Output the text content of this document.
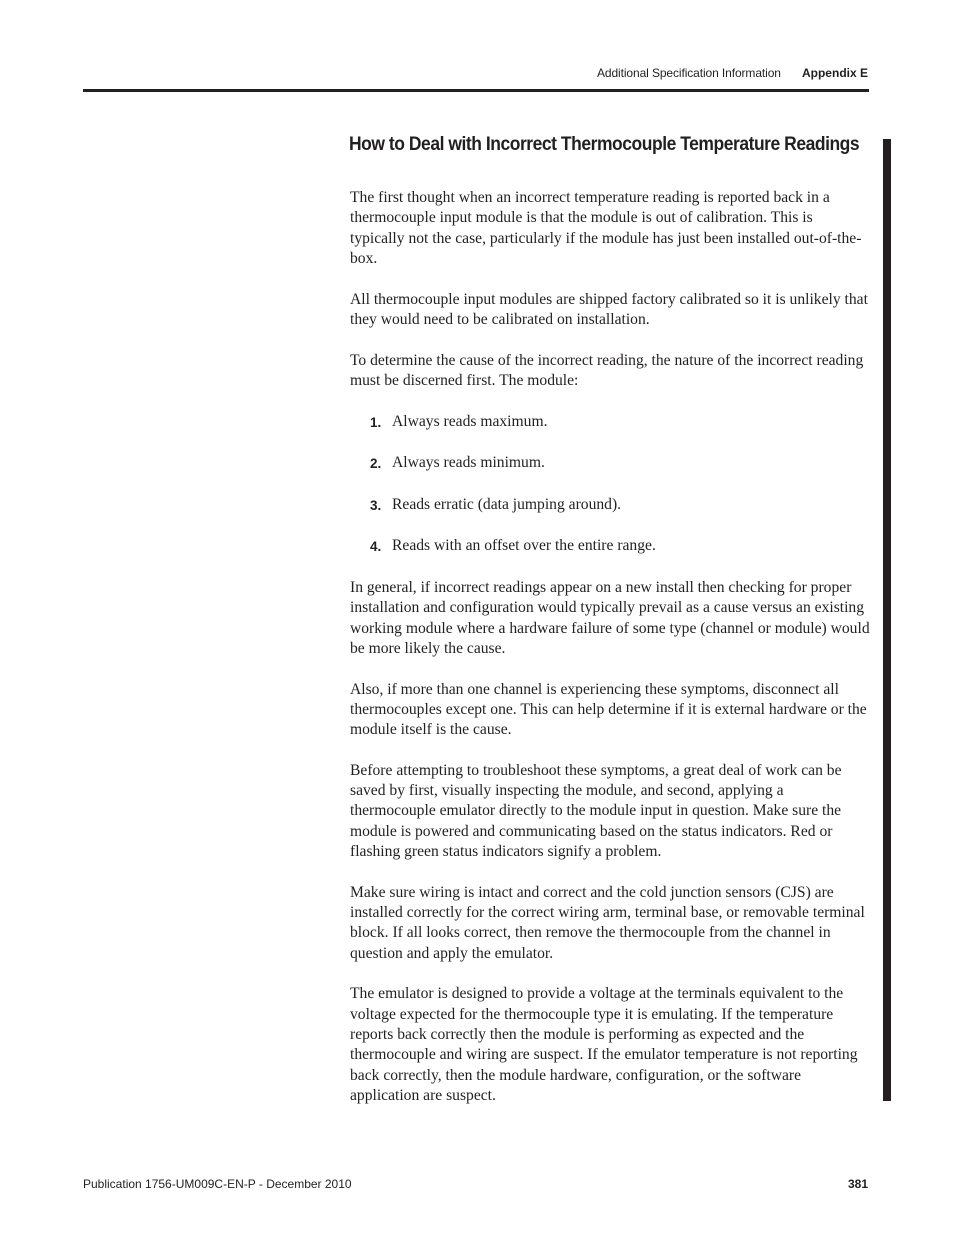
Additional Specification Information Appendix E
How to Deal with Incorrect Thermocouple Temperature Readings

The first thought when an incorrect temperature reading is reported back in a thermocouple input module is that the module is out of calibration. This is typically not the case, particularly if the module has just been installed out-of-the-box.

All thermocouple input modules are shipped factory calibrated so it is unlikely that they would need to be calibrated on installation.

To determine the cause of the incorrect reading, the nature of the incorrect reading must be discerned first. The module:

1. Always reads maximum.
2. Always reads minimum.
3. Reads erratic (data jumping around).
4. Reads with an offset over the entire range.

In general, if incorrect readings appear on a new install then checking for proper installation and configuration would typically prevail as a cause versus an existing working module where a hardware failure of some type (channel or module) would be more likely the cause.

Also, if more than one channel is experiencing these symptoms, disconnect all thermocouples except one. This can help determine if it is external hardware or the module itself is the cause.

Before attempting to troubleshoot these symptoms, a great deal of work can be saved by first, visually inspecting the module, and second, applying a thermocouple emulator directly to the module input in question. Make sure the module is powered and communicating based on the status indicators. Red or flashing green status indicators signify a problem.

Make sure wiring is intact and correct and the cold junction sensors (CJS) are installed correctly for the correct wiring arm, terminal base, or removable terminal block. If all looks correct, then remove the thermocouple from the channel in question and apply the emulator.

The emulator is designed to provide a voltage at the terminals equivalent to the voltage expected for the thermocouple type it is emulating. If the temperature reports back correctly then the module is performing as expected and the thermocouple and wiring are suspect. If the emulator temperature is not reporting back correctly, then the module hardware, configuration, or the software application are suspect.

Publication 1756-UM009C-EN-P - December 2010	381
